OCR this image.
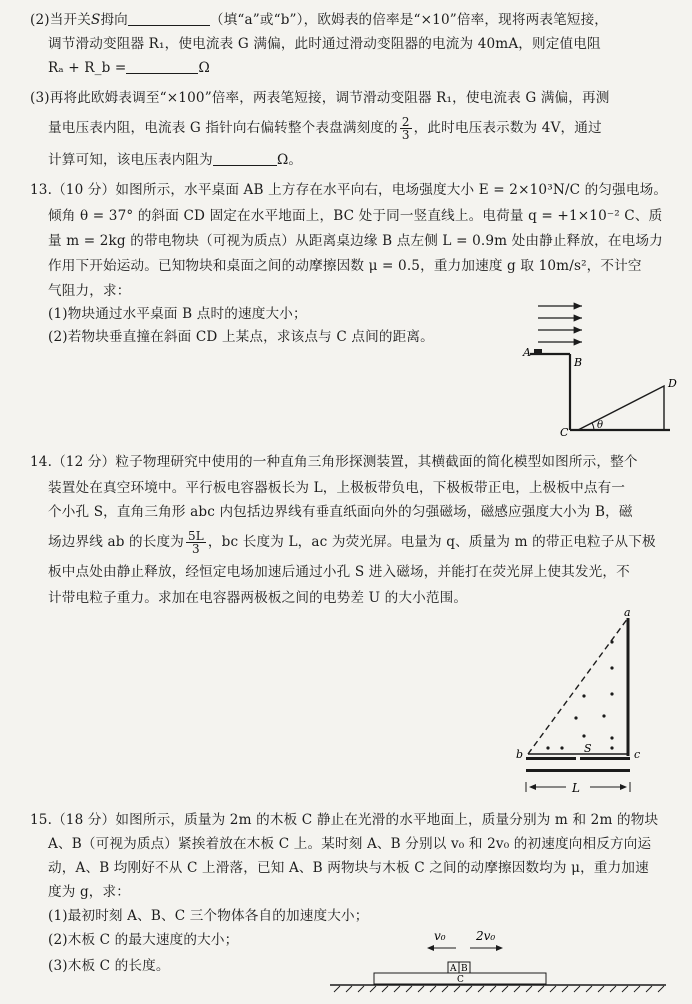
(2)当开关S拇向	（填“a”或“b”），欧姆表的倍率是“×10”倍率，现将两表笔短接，
调节滑动变阻器 R₁，使电流表 G 满偏，此时通过滑动变阻器的电流为 40mA，则定值电阻
Rₐ + R_b =	Ω
(3)再将此欧姆表调至“×100”倍率，两表笔短接，调节滑动变阻器 R₁，使电流表 G 满偏，再测
量电压表内阻，电流表 G 指针向右偏转整个表盘满刻度的 $\frac{2}{3}$ ，此时电压表示数为 4V，通过
计算可知，该电压表内阻为	Ω。
13.（10 分）如图所示，水平桌面 AB 上方存在水平向右，电场强度大小 E = 2×10³N/C 的匀强电场。
倾角 θ = 37° 的斜面 CD 固定在水平地面上，BC 处于同一竖直线上。电荷量 q = +1×10⁻² C、质
量 m = 2kg 的带电物块（可视为质点）从距离桌边缘 B 点左侧 L = 0.9m 处由静止释放，在电场力
作用下开始运动。已知物块和桌面之间的动摩擦因数 μ = 0.5，重力加速度 g 取 10m/s²，不计空
气阻力，求：
(1)物块通过水平桌面 B 点时的速度大小；
(2)若物块垂直撞在斜面 CD 上某点，求该点与 C 点间的距离。
A
B
C
D
θ
14.（12 分）粒子物理研究中使用的一种直角三角形探测装置，其横截面的简化模型如图所示，整个
装置处在真空环境中。平行板电容器板长为 L，上极板带负电，下极板带正电，上极板中点有一
个小孔 S，直角三角形 abc 内包括边界线有垂直纸面向外的匀强磁场，磁感应强度大小为 B，磁
场边界线 ab 的长度为 $\frac{5L}{3}$ ，bc 长度为 L，ac 为荧光屏。电量为 q、质量为 m 的带正电粒子从下极
板中点处由静止释放，经恒定电场加速后通过小孔 S 进入磁场，并能打在荧光屏上使其发光，不
计带电粒子重力。求加在电容器两极板之间的电势差 U 的大小范围。
a
b	c
S
L
15.（18 分）如图所示，质量为 2m 的木板 C 静止在光滑的水平地面上，质量分别为 m 和 2m 的物块
A、B（可视为质点）紧挨着放在木板 C 上。某时刻 A、B 分别以 v₀ 和 2v₀ 的初速度向相反方向运
动，A、B 均刚好不从 C 上滑落，已知 A、B 两物块与木板 C 之间的动摩擦因数均为 μ，重力加速
度为 g，求：
(1)最初时刻 A、B、C 三个物体各自的加速度大小；
(2)木板 C 的最大速度的大小；
(3)木板 C 的长度。
v₀	2v₀
A B
C
